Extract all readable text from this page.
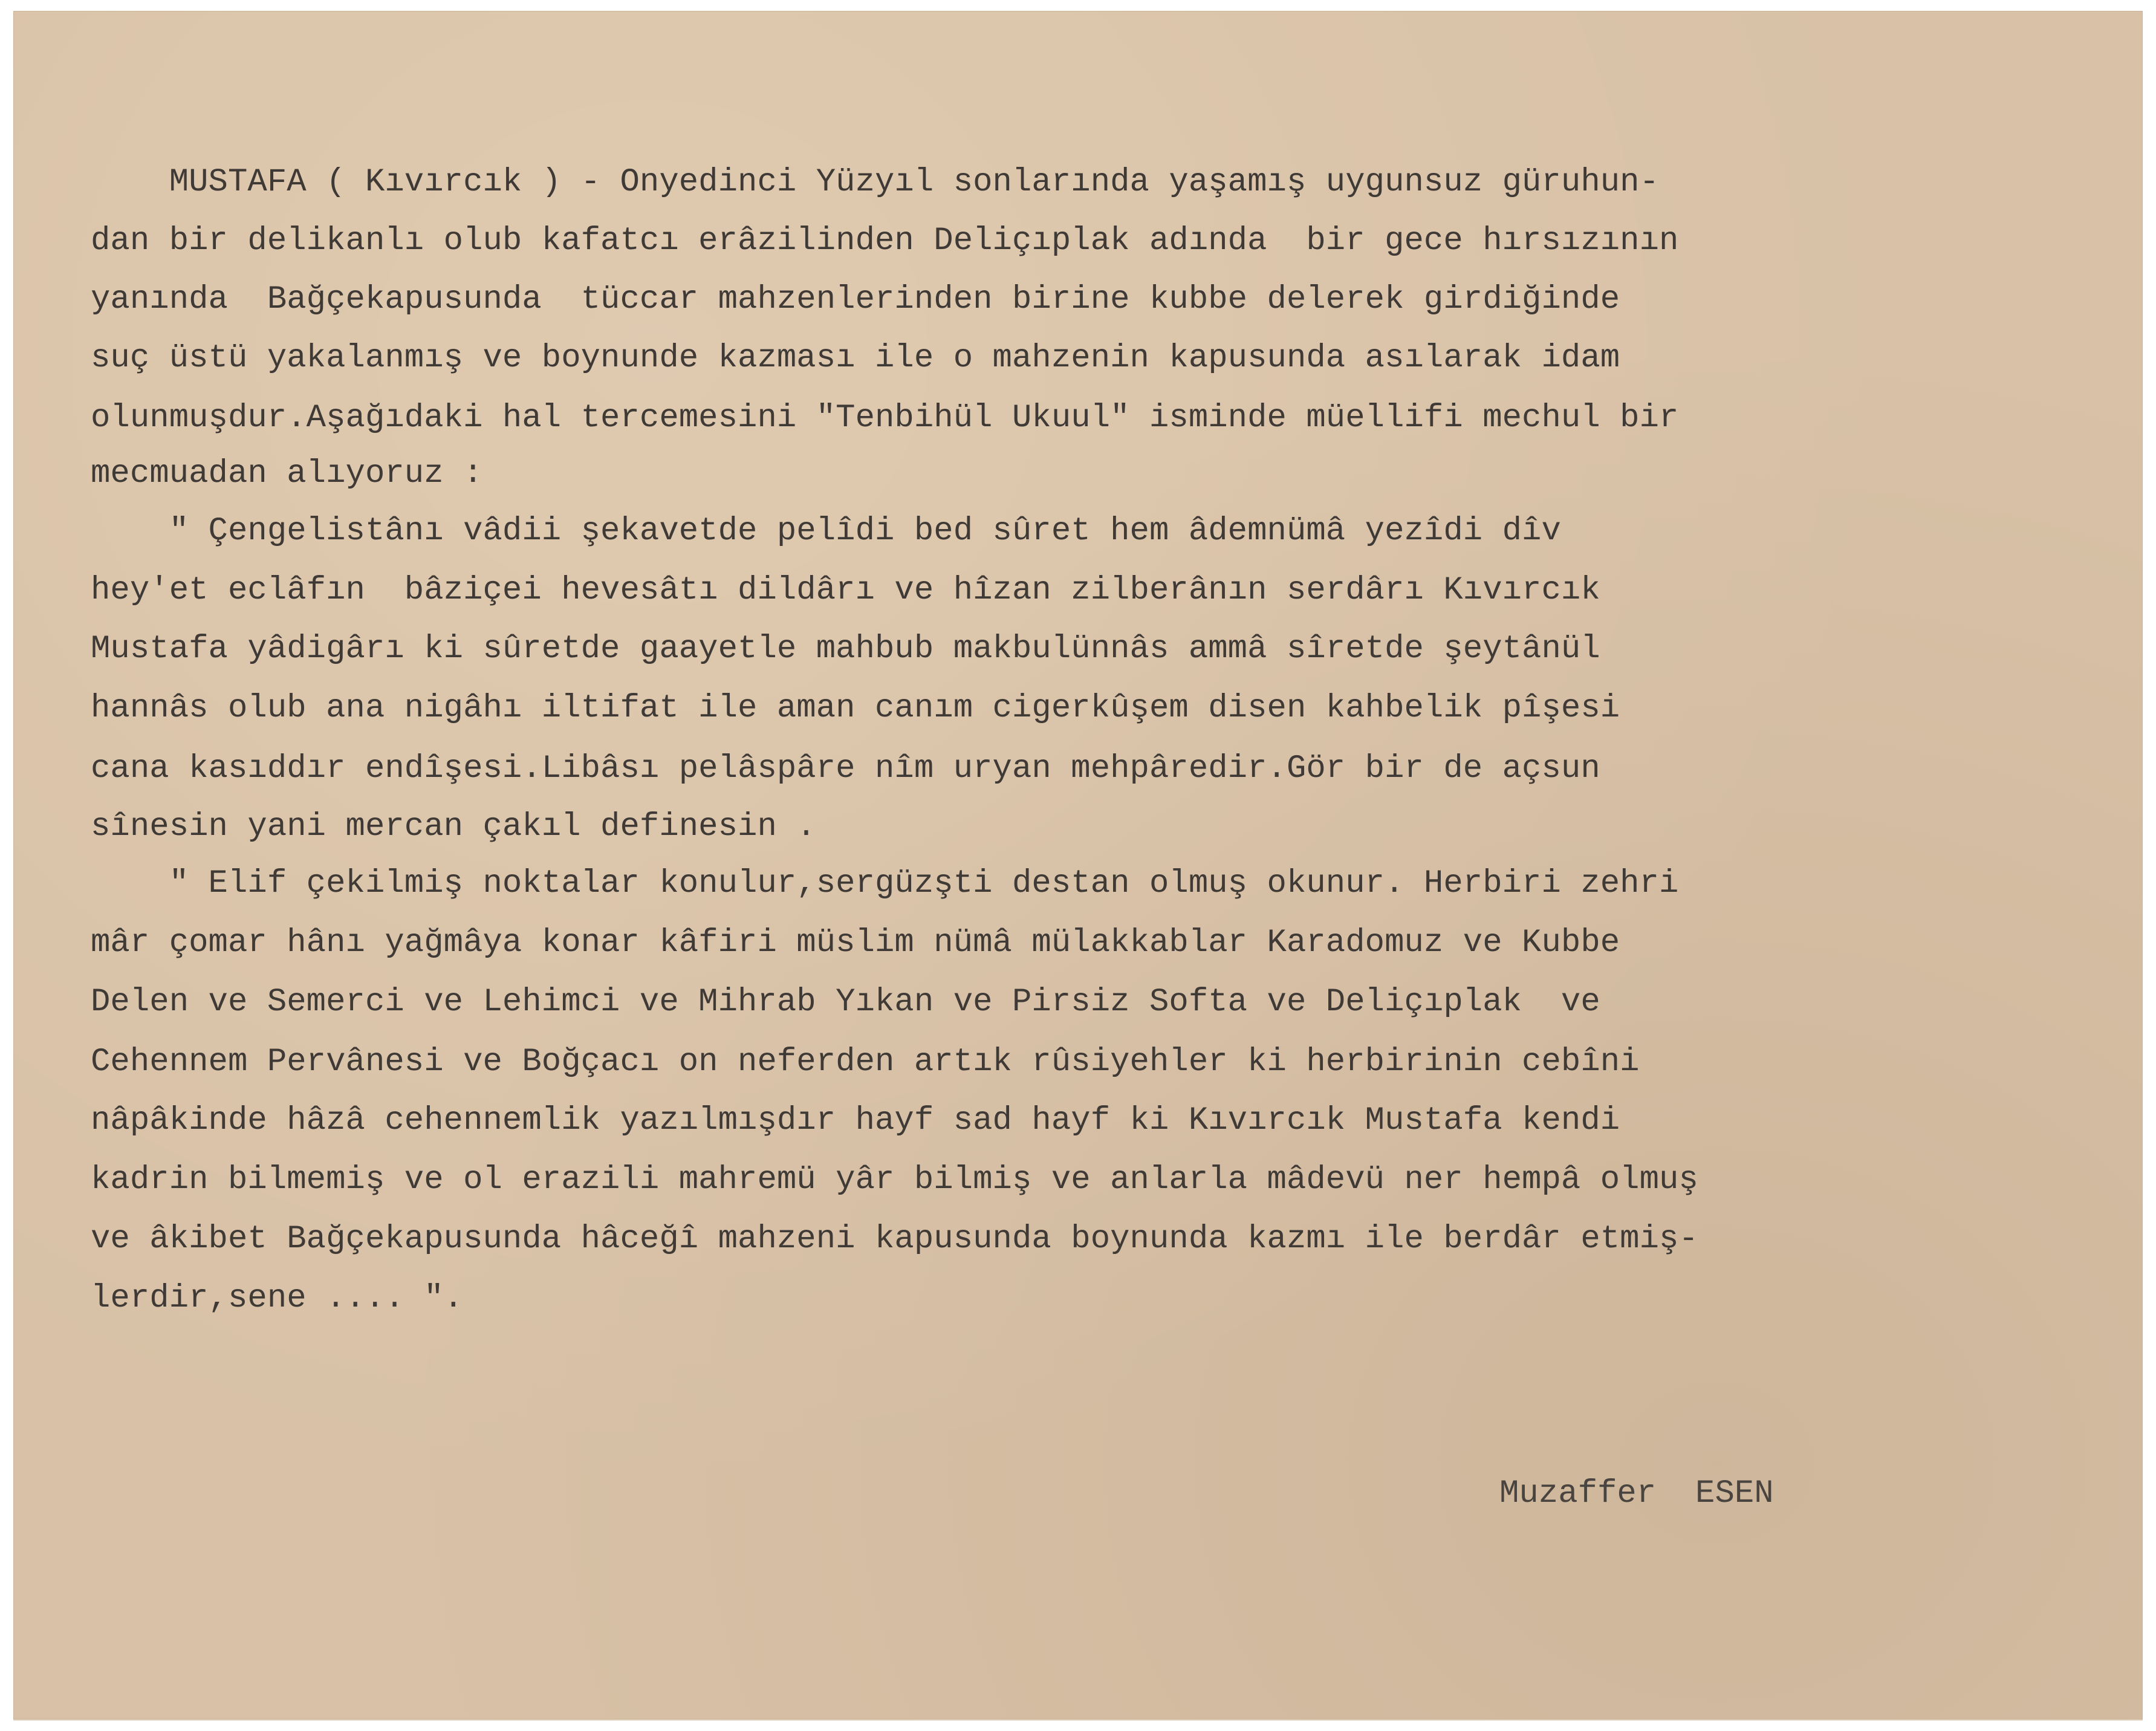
MUSTAFA ( Kıvırcık ) - Onyedinci Yüzyıl sonlarında yaşamış uygunsuz güruhun-
dan bir delikanlı olub kafatcı erâzilinden Deliçıplak adında  bir gece hırsızının
yanında  Bağçekapusunda  tüccar mahzenlerinden birine kubbe delerek girdiğinde
suç üstü yakalanmış ve boynunde kazması ile o mahzenin kapusunda asılarak idam
olunmuşdur.Aşağıdaki hal tercemesini "Tenbihül Ukuul" isminde müellifi mechul bir
mecmuadan alıyoruz :
" Çengelistânı vâdii şekavetde pelîdi bed sûret hem âdemnümâ yezîdi dîv
hey'et eclâfın  bâziçei hevesâtı dildârı ve hîzan zilberânın serdârı Kıvırcık
Mustafa yâdigârı ki sûretde gaayetle mahbub makbulünnâs ammâ sîretde şeytânül
hannâs olub ana nigâhı iltifat ile aman canım cigerkûşem disen kahbelik pîşesi
cana kasıddır endîşesi.Libâsı pelâspâre nîm uryan mehpâredir.Gör bir de açsun
sînesin yani mercan çakıl definesin .
" Elif çekilmiş noktalar konulur,sergüzşti destan olmuş okunur. Herbiri zehri
mâr çomar hânı yağmâya konar kâfiri müslim nümâ mülakkablar Karadomuz ve Kubbe
Delen ve Semerci ve Lehimci ve Mihrab Yıkan ve Pirsiz Softa ve Deliçıplak  ve
Cehennem Pervânesi ve Boğçacı on neferden artık rûsiyehler ki herbirinin cebîni
nâpâkinde hâzâ cehennemlik yazılmışdır hayf sad hayf ki Kıvırcık Mustafa kendi
kadrin bilmemiş ve ol erazili mahremü yâr bilmiş ve anlarla mâdevü ner hempâ olmuş
ve âkibet Bağçekapusunda hâceğî mahzeni kapusunda boynunda kazmı ile berdâr etmiş-
lerdir,sene .... ".
Muzaffer  ESEN
